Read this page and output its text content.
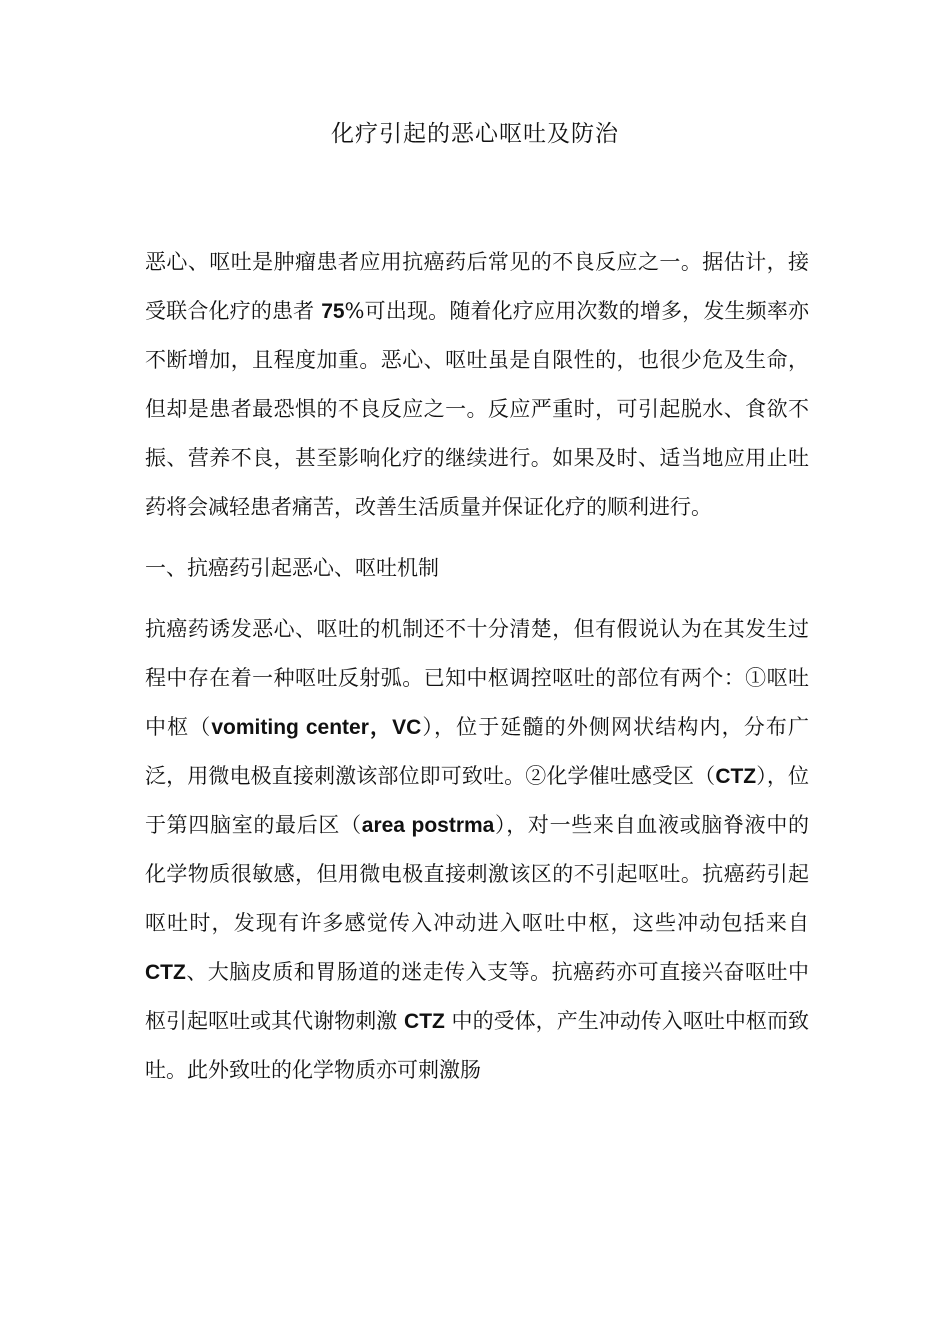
化疗引起的恶心呕吐及防治

恶心、呕吐是肿瘤患者应用抗癌药后常见的不良反应之一。据估计，接受联合化疗的患者 75%可出现。随着化疗应用次数的增多，发生频率亦不断增加，且程度加重。恶心、呕吐虽是自限性的，也很少危及生命，但却是患者最恐惧的不良反应之一。反应严重时，可引起脱水、食欲不振、营养不良，甚至影响化疗的继续进行。如果及时、适当地应用止吐药将会减轻患者痛苦，改善生活质量并保证化疗的顺利进行。

一、抗癌药引起恶心、呕吐机制

抗癌药诱发恶心、呕吐的机制还不十分清楚，但有假说认为在其发生过程中存在着一种呕吐反射弧。已知中枢调控呕吐的部位有两个：①呕吐中枢（vomiting center，VC），位于延髓的外侧网状结构内，分布广泛，用微电极直接刺激该部位即可致吐。②化学催吐感受区（CTZ），位于第四脑室的最后区（area postrma），对一些来自血液或脑脊液中的化学物质很敏感，但用微电极直接刺激该区的不引起呕吐。抗癌药引起呕吐时，发现有许多感觉传入冲动进入呕吐中枢，这些冲动包括来自 CTZ、大脑皮质和胃肠道的迷走传入支等。抗癌药亦可直接兴奋呕吐中枢引起呕吐或其代谢物刺激 CTZ 中的受体，产生冲动传入呕吐中枢而致吐。此外致吐的化学物质亦可刺激肠
